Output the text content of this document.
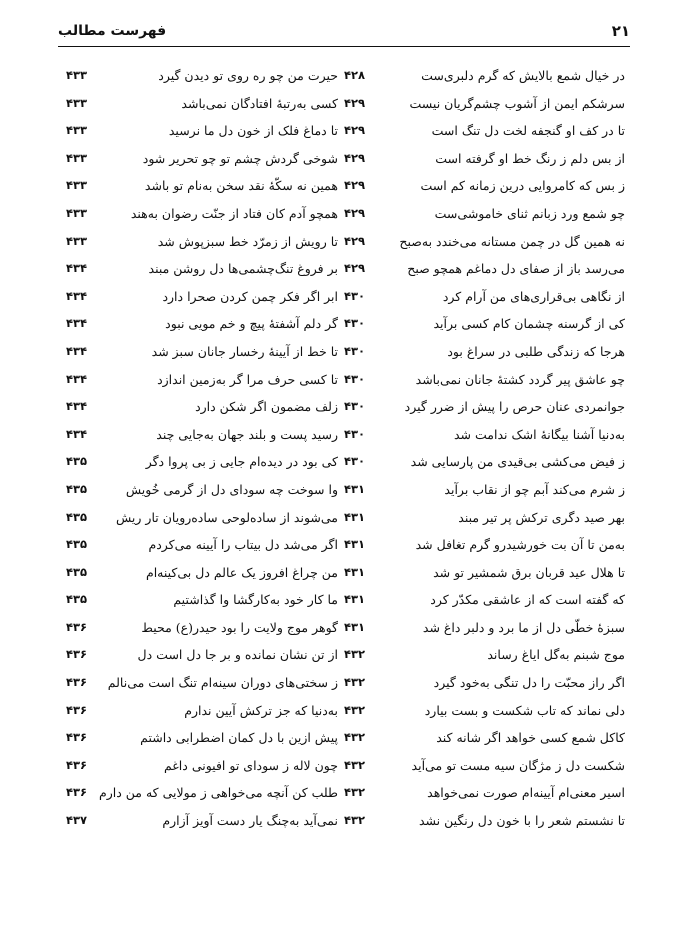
۲۱
فهرست مطالب
در خیال شمع بالایش که گرم دلبری‌ست
۴۲۸
حیرت من چو ره روی تو دیدن گیرد
۴۳۳
سرشکم ایمن از آشوب چشم‌گریان نیست
۴۲۹
کسی به‌رتبهٔ افتادگان نمی‌باشد
۴۳۳
تا در کف او گنجفه لخت دل تنگ است
۴۲۹
تا دماغ فلک از خون دل ما نرسید
۴۳۳
از بس دلم ز رنگ خط او گرفته است
۴۲۹
شوخی گردش چشم تو چو تحریر شود
۴۳۳
ز بس که کامروایی درین زمانه کم است
۴۲۹
همین نه سکّهٔ نقد سخن به‌نام تو باشد
۴۳۳
چو شمع ورد زبانم ثنای خاموشی‌ست
۴۲۹
همچو آدم کان فتاد از جنّت رضوان به‌هند
۴۳۳
نه همین گل در چمن مستانه می‌خندد به‌صبح
۴۲۹
تا رویش از زمرّد خط سبزپوش شد
۴۳۳
می‌رسد باز از صفای دل دماغم همچو صبح
۴۲۹
بر فروغ تنگ‌چشمی‌ها دل روشن مبند
۴۳۴
از نگاهی بی‌قراری‌های من آرام کرد
۴۳۰
ابر اگر فکر چمن کردن صحرا دارد
۴۳۴
کی از گرسنه چشمان کام کسی برآید
۴۳۰
گر دلم آشفتهٔ پیچ و خم مویی نبود
۴۳۴
هرجا که زندگی طلبی در سراغ بود
۴۳۰
تا خط از آیینهٔ رخسار جانان سبز شد
۴۳۴
چو عاشق پیر گردد کشتهٔ جانان نمی‌باشد
۴۳۰
تا کسی حرف مرا گر به‌زمین اندازد
۴۳۴
جوانمردی عنان حرص را پیش از ضرر گیرد
۴۳۰
زلف مضمون اگر شکن دارد
۴۳۴
به‌دنیا آشنا بیگانهٔ اشک ندامت شد
۴۳۰
رسید پست و بلند جهان به‌جایی چند
۴۳۴
ز فیض می‌کشی بی‌قیدی من پارسایی شد
۴۳۰
کی بود در دیده‌ام جایی ز بی پروا دگر
۴۳۵
ز شرم می‌کند آبم چو از نقاب برآید
۴۳۱
وا سوخت چه سودای دل از گرمی خُویش
۴۳۵
بهر صید دگری ترکش پر تیر مبند
۴۳۱
می‌شوند از ساده‌لوحی ساده‌رویان تار ریش
۴۳۵
به‌من تا آن بت خورشیدرو گرم تغافل شد
۴۳۱
اگر می‌شد دل بیتاب را آیینه می‌کردم
۴۳۵
تا هلال عید قربان برق شمشیر تو شد
۴۳۱
من چراغ افروز یک عالم دل بی‌کینه‌ام
۴۳۵
که گفته است که از عاشقی مکدّر کرد
۴۳۱
ما کار خود به‌کارگشا وا گذاشتیم
۴۳۵
سبزهٔ خطّی دل از ما برد و دلبر داغ شد
۴۳۱
گوهر موج ولایت را بود حیدر(ع) محیط
۴۳۶
موج شبنم به‌گل ایاغ رساند
۴۳۲
از تن نشان نمانده و بر جا دل است دل
۴۳۶
اگر راز محبّت را دل تنگی به‌خود گیرد
۴۳۲
ز سختی‌های دوران سینه‌ام تنگ است می‌نالم
۴۳۶
دلی نماند که تاب شکست و بست بیارد
۴۳۲
به‌دنیا که جز ترکش آیین ندارم
۴۳۶
کاکل شمع کسی خواهد اگر شانه کند
۴۳۲
پیش ازین با دل کمان اضطرابی داشتم
۴۳۶
شکست دل ز مژگان سیه مست تو می‌آید
۴۳۲
چون لاله ز سودای تو افیونی داغم
۴۳۶
اسیر معنی‌ام آیینه‌ام صورت نمی‌خواهد
۴۳۲
طلب کن آنچه می‌خواهی ز مولایی که من دارم
۴۳۶
تا نشستم شعر را با خون دل رنگین نشد
۴۳۲
نمی‌آید به‌چنگ یار دست آویز آزارم
۴۳۷
